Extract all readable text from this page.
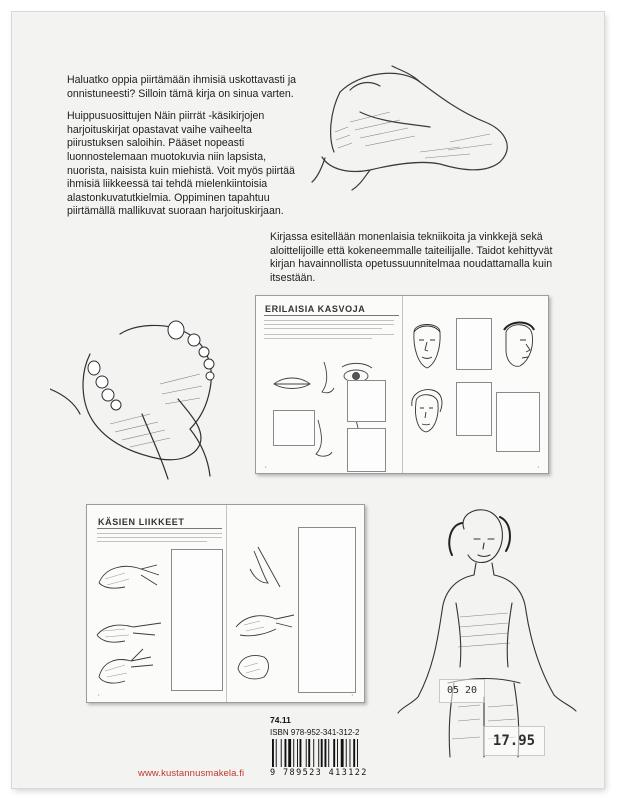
Haluatko oppia piirtämään ihmisiä uskottavasti ja onnistuneesti? Silloin tämä kirja on sinua varten.

Huippusuosittujen Näin piirrät -käsikirjojen harjoituskirjat opastavat vaihe vaiheelta piirustuksen saloihin. Pääset nopeasti luonnostelemaan muotokuvia niin lapsista, nuorista, naisista kuin miehistä. Voit myös piirtää ihmisiä liikkeessä tai tehdä mielenkiintoisia alastonkuvatutkielmia. Oppiminen tapahtuu piirtämällä mallikuvat suoraan harjoituskirjaan.

Kirjassa esitellään monenlaisia tekniikoita ja vinkkejä sekä aloittelijoille että kokeneemmalle taiteilijalle. Taidot kehittyvät kirjan havainnollista opetussuunnitelmaa noudattamalla kuin itsestään.

ERILAISIA KASVOJA
•	•
KÄSIEN LIIKKEET
•	•	05 20
17.95
74.11
ISBN 978-952-341-312-2
9 789523 413122
www.kustannusmakela.fi
